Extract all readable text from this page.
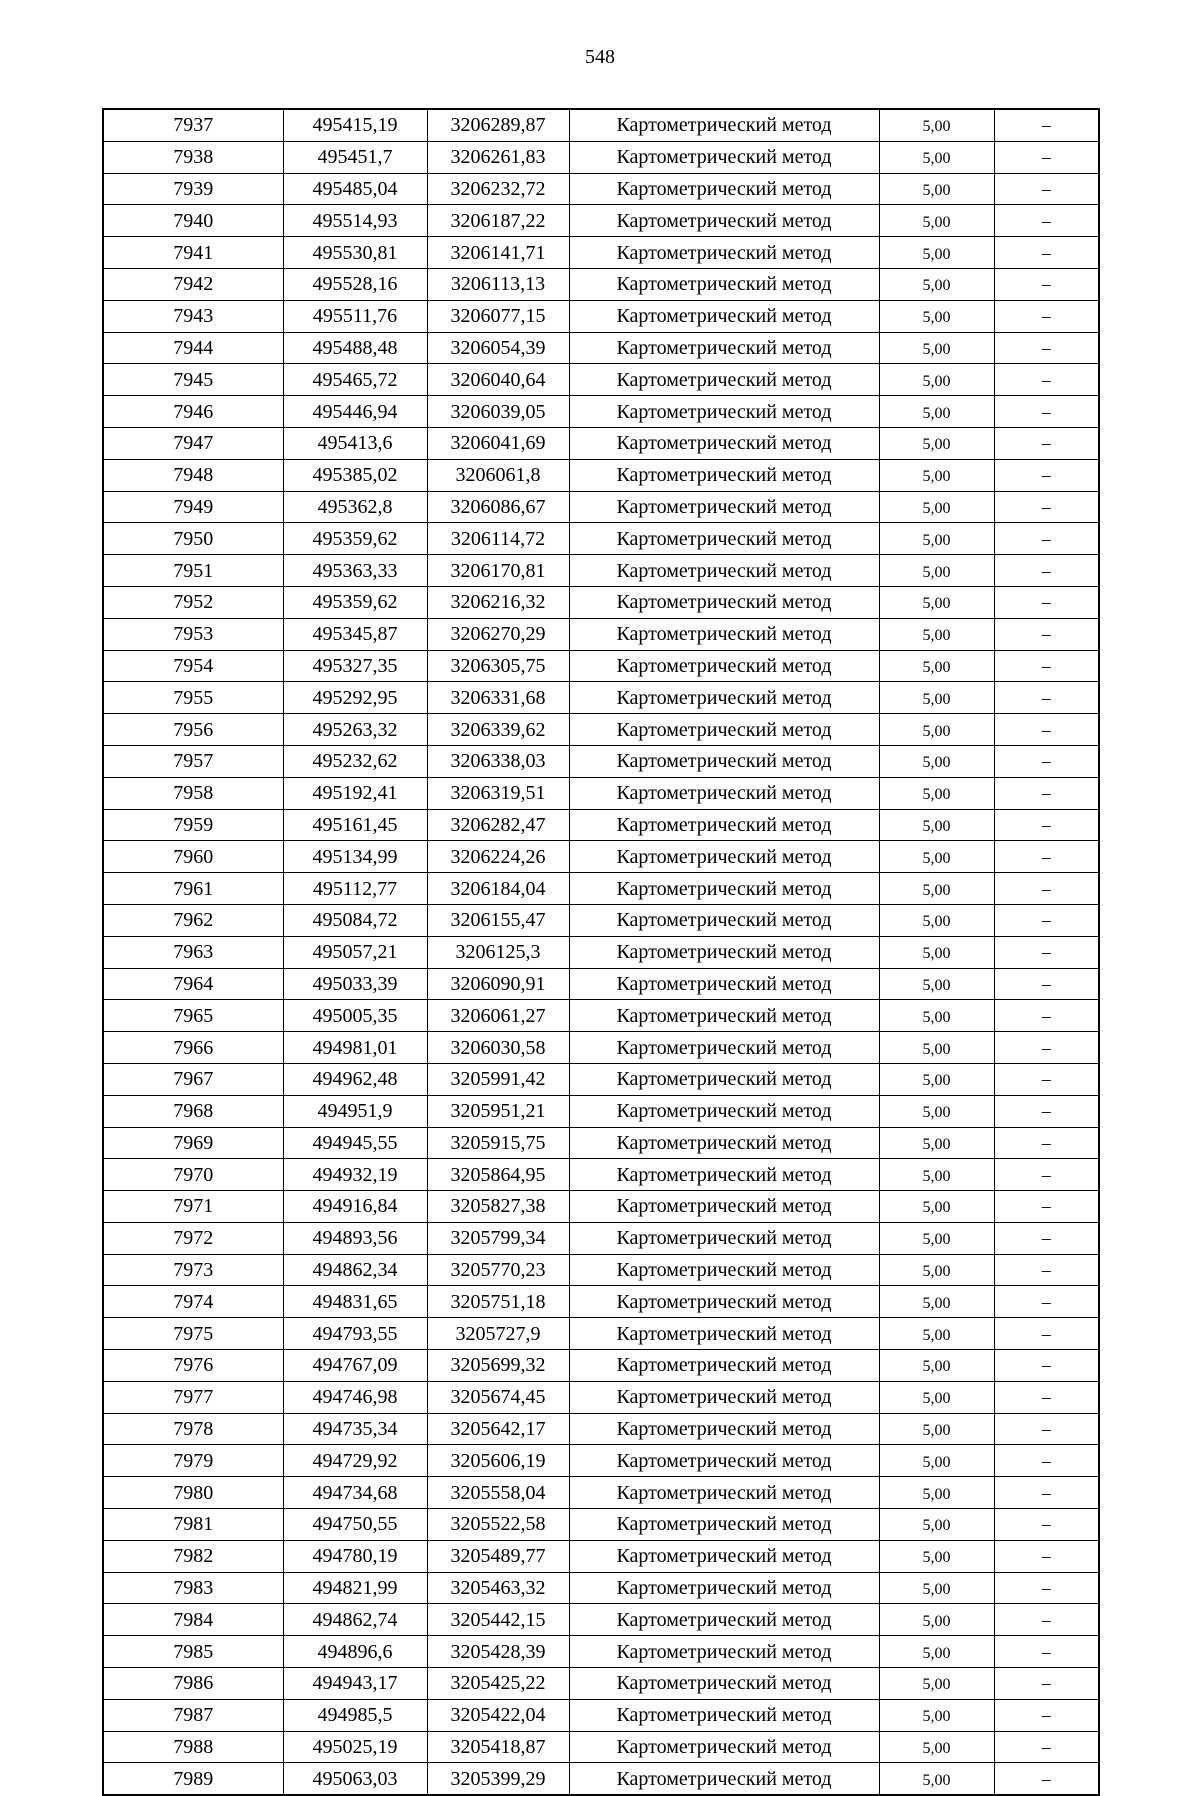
548
7937	495415,19	3206289,87	Картометрический метод	5,00	–
7938	495451,7	3206261,83	Картометрический метод	5,00	–
7939	495485,04	3206232,72	Картометрический метод	5,00	–
7940	495514,93	3206187,22	Картометрический метод	5,00	–
7941	495530,81	3206141,71	Картометрический метод	5,00	–
7942	495528,16	3206113,13	Картометрический метод	5,00	–
7943	495511,76	3206077,15	Картометрический метод	5,00	–
7944	495488,48	3206054,39	Картометрический метод	5,00	–
7945	495465,72	3206040,64	Картометрический метод	5,00	–
7946	495446,94	3206039,05	Картометрический метод	5,00	–
7947	495413,6	3206041,69	Картометрический метод	5,00	–
7948	495385,02	3206061,8	Картометрический метод	5,00	–
7949	495362,8	3206086,67	Картометрический метод	5,00	–
7950	495359,62	3206114,72	Картометрический метод	5,00	–
7951	495363,33	3206170,81	Картометрический метод	5,00	–
7952	495359,62	3206216,32	Картометрический метод	5,00	–
7953	495345,87	3206270,29	Картометрический метод	5,00	–
7954	495327,35	3206305,75	Картометрический метод	5,00	–
7955	495292,95	3206331,68	Картометрический метод	5,00	–
7956	495263,32	3206339,62	Картометрический метод	5,00	–
7957	495232,62	3206338,03	Картометрический метод	5,00	–
7958	495192,41	3206319,51	Картометрический метод	5,00	–
7959	495161,45	3206282,47	Картометрический метод	5,00	–
7960	495134,99	3206224,26	Картометрический метод	5,00	–
7961	495112,77	3206184,04	Картометрический метод	5,00	–
7962	495084,72	3206155,47	Картометрический метод	5,00	–
7963	495057,21	3206125,3	Картометрический метод	5,00	–
7964	495033,39	3206090,91	Картометрический метод	5,00	–
7965	495005,35	3206061,27	Картометрический метод	5,00	–
7966	494981,01	3206030,58	Картометрический метод	5,00	–
7967	494962,48	3205991,42	Картометрический метод	5,00	–
7968	494951,9	3205951,21	Картометрический метод	5,00	–
7969	494945,55	3205915,75	Картометрический метод	5,00	–
7970	494932,19	3205864,95	Картометрический метод	5,00	–
7971	494916,84	3205827,38	Картометрический метод	5,00	–
7972	494893,56	3205799,34	Картометрический метод	5,00	–
7973	494862,34	3205770,23	Картометрический метод	5,00	–
7974	494831,65	3205751,18	Картометрический метод	5,00	–
7975	494793,55	3205727,9	Картометрический метод	5,00	–
7976	494767,09	3205699,32	Картометрический метод	5,00	–
7977	494746,98	3205674,45	Картометрический метод	5,00	–
7978	494735,34	3205642,17	Картометрический метод	5,00	–
7979	494729,92	3205606,19	Картометрический метод	5,00	–
7980	494734,68	3205558,04	Картометрический метод	5,00	–
7981	494750,55	3205522,58	Картометрический метод	5,00	–
7982	494780,19	3205489,77	Картометрический метод	5,00	–
7983	494821,99	3205463,32	Картометрический метод	5,00	–
7984	494862,74	3205442,15	Картометрический метод	5,00	–
7985	494896,6	3205428,39	Картометрический метод	5,00	–
7986	494943,17	3205425,22	Картометрический метод	5,00	–
7987	494985,5	3205422,04	Картометрический метод	5,00	–
7988	495025,19	3205418,87	Картометрический метод	5,00	–
7989	495063,03	3205399,29	Картометрический метод	5,00	–
